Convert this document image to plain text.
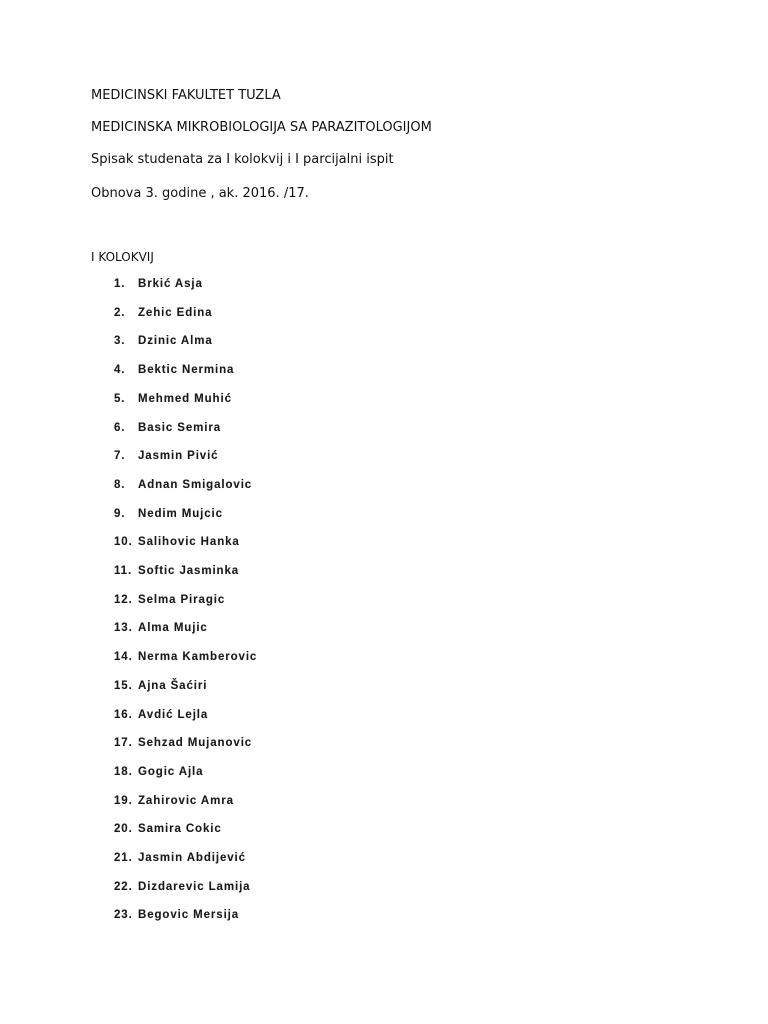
MEDICINSKI FAKULTET TUZLA
MEDICINSKA MIKROBIOLOGIJA SA PARAZITOLOGIJOM
Spisak studenata za I kolokvij i I parcijalni ispit
Obnova 3. godine , ak. 2016. /17.
I KOLOKVIJ
1.	Brkić Asja
2.	Zehic Edina
3.	Dzinic Alma
4.	Bektic Nermina
5.	Mehmed Muhić
6.	Basic Semira
7.	Jasmin Pivić
8.	Adnan Smigalovic
9.	Nedim Mujcic
10. Salihovic Hanka
11. Softic Jasminka
12. Selma Piragic
13. Alma Mujic
14. Nerma Kamberovic
15. Ajna Šaćiri
16. Avdić Lejla
17. Sehzad Mujanovic
18. Gogic Ajla
19. Zahirovic Amra
20. Samira Cokic
21. Jasmin Abdijević
22. Dizdarevic Lamija
23. Begovic Mersija
